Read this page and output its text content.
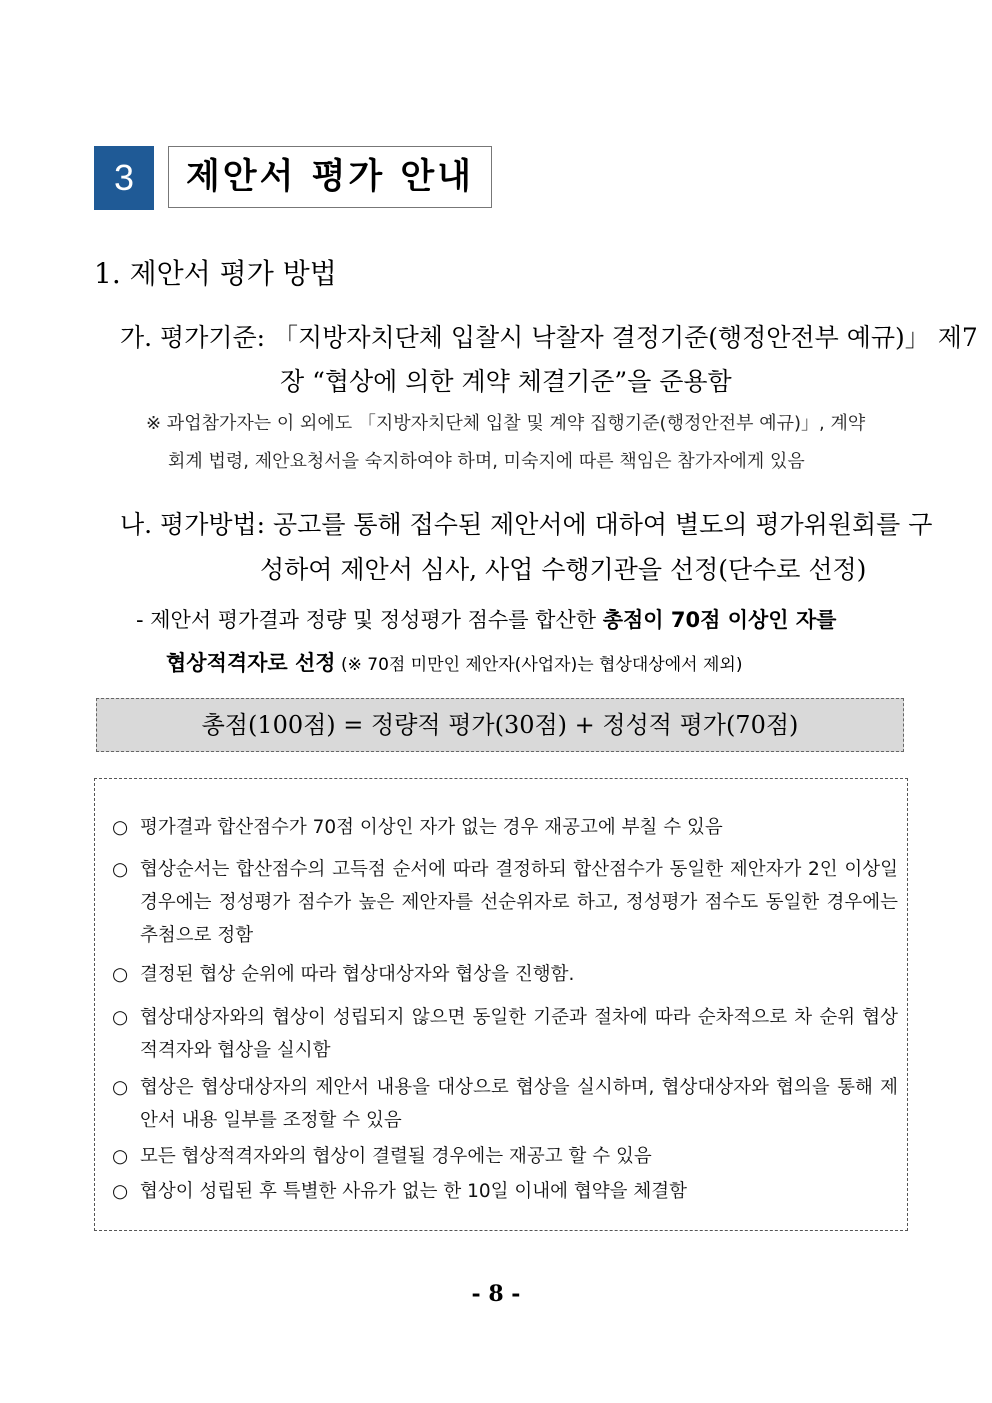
3	제안서 평가 안내
1. 제안서 평가 방법
가. 평가기준: 「지방자치단체 입찰시 낙찰자 결정기준(행정안전부 예규)」 제7
장 “협상에 의한 계약 체결기준”을 준용함
※ 과업참가자는 이 외에도 「지방자치단체 입찰 및 계약 집행기준(행정안전부 예규)」, 계약
회계 법령, 제안요청서을 숙지하여야 하며, 미숙지에 따른 책임은 참가자에게 있음
나. 평가방법: 공고를 통해 접수된 제안서에 대하여 별도의 평가위원회를 구
성하여 제안서 심사, 사업 수행기관을 선정(단수로 선정)
- 제안서 평가결과 정량 및 정성평가 점수를 합산한 총점이 70점 이상인 자를
협상적격자로 선정 (※ 70점 미만인 제안자(사업자)는 협상대상에서 제외)
총점(100점) = 정량적 평가(30점) + 정성적 평가(70점)
○ 평가결과 합산점수가 70점 이상인 자가 없는 경우 재공고에 부칠 수 있음
○ 협상순서는 합산점수의 고득점 순서에 따라 결정하되 합산점수가 동일한 제안자가 2인 이상일 경우에는 정성평가 점수가 높은 제안자를 선순위자로 하고, 정성평가 점수도 동일한 경우에는 추첨으로 정함
○ 결정된 협상 순위에 따라 협상대상자와 협상을 진행함.
○ 협상대상자와의 협상이 성립되지 않으면 동일한 기준과 절차에 따라 순차적으로 차 순위 협상적격자와 협상을 실시함
○ 협상은 협상대상자의 제안서 내용을 대상으로 협상을 실시하며, 협상대상자와 협의을 통해 제안서 내용 일부를 조정할 수 있음
○ 모든 협상적격자와의 협상이 결렬될 경우에는 재공고 할 수 있음
○ 협상이 성립된 후 특별한 사유가 없는 한 10일 이내에 협약을 체결함
- 8 -
